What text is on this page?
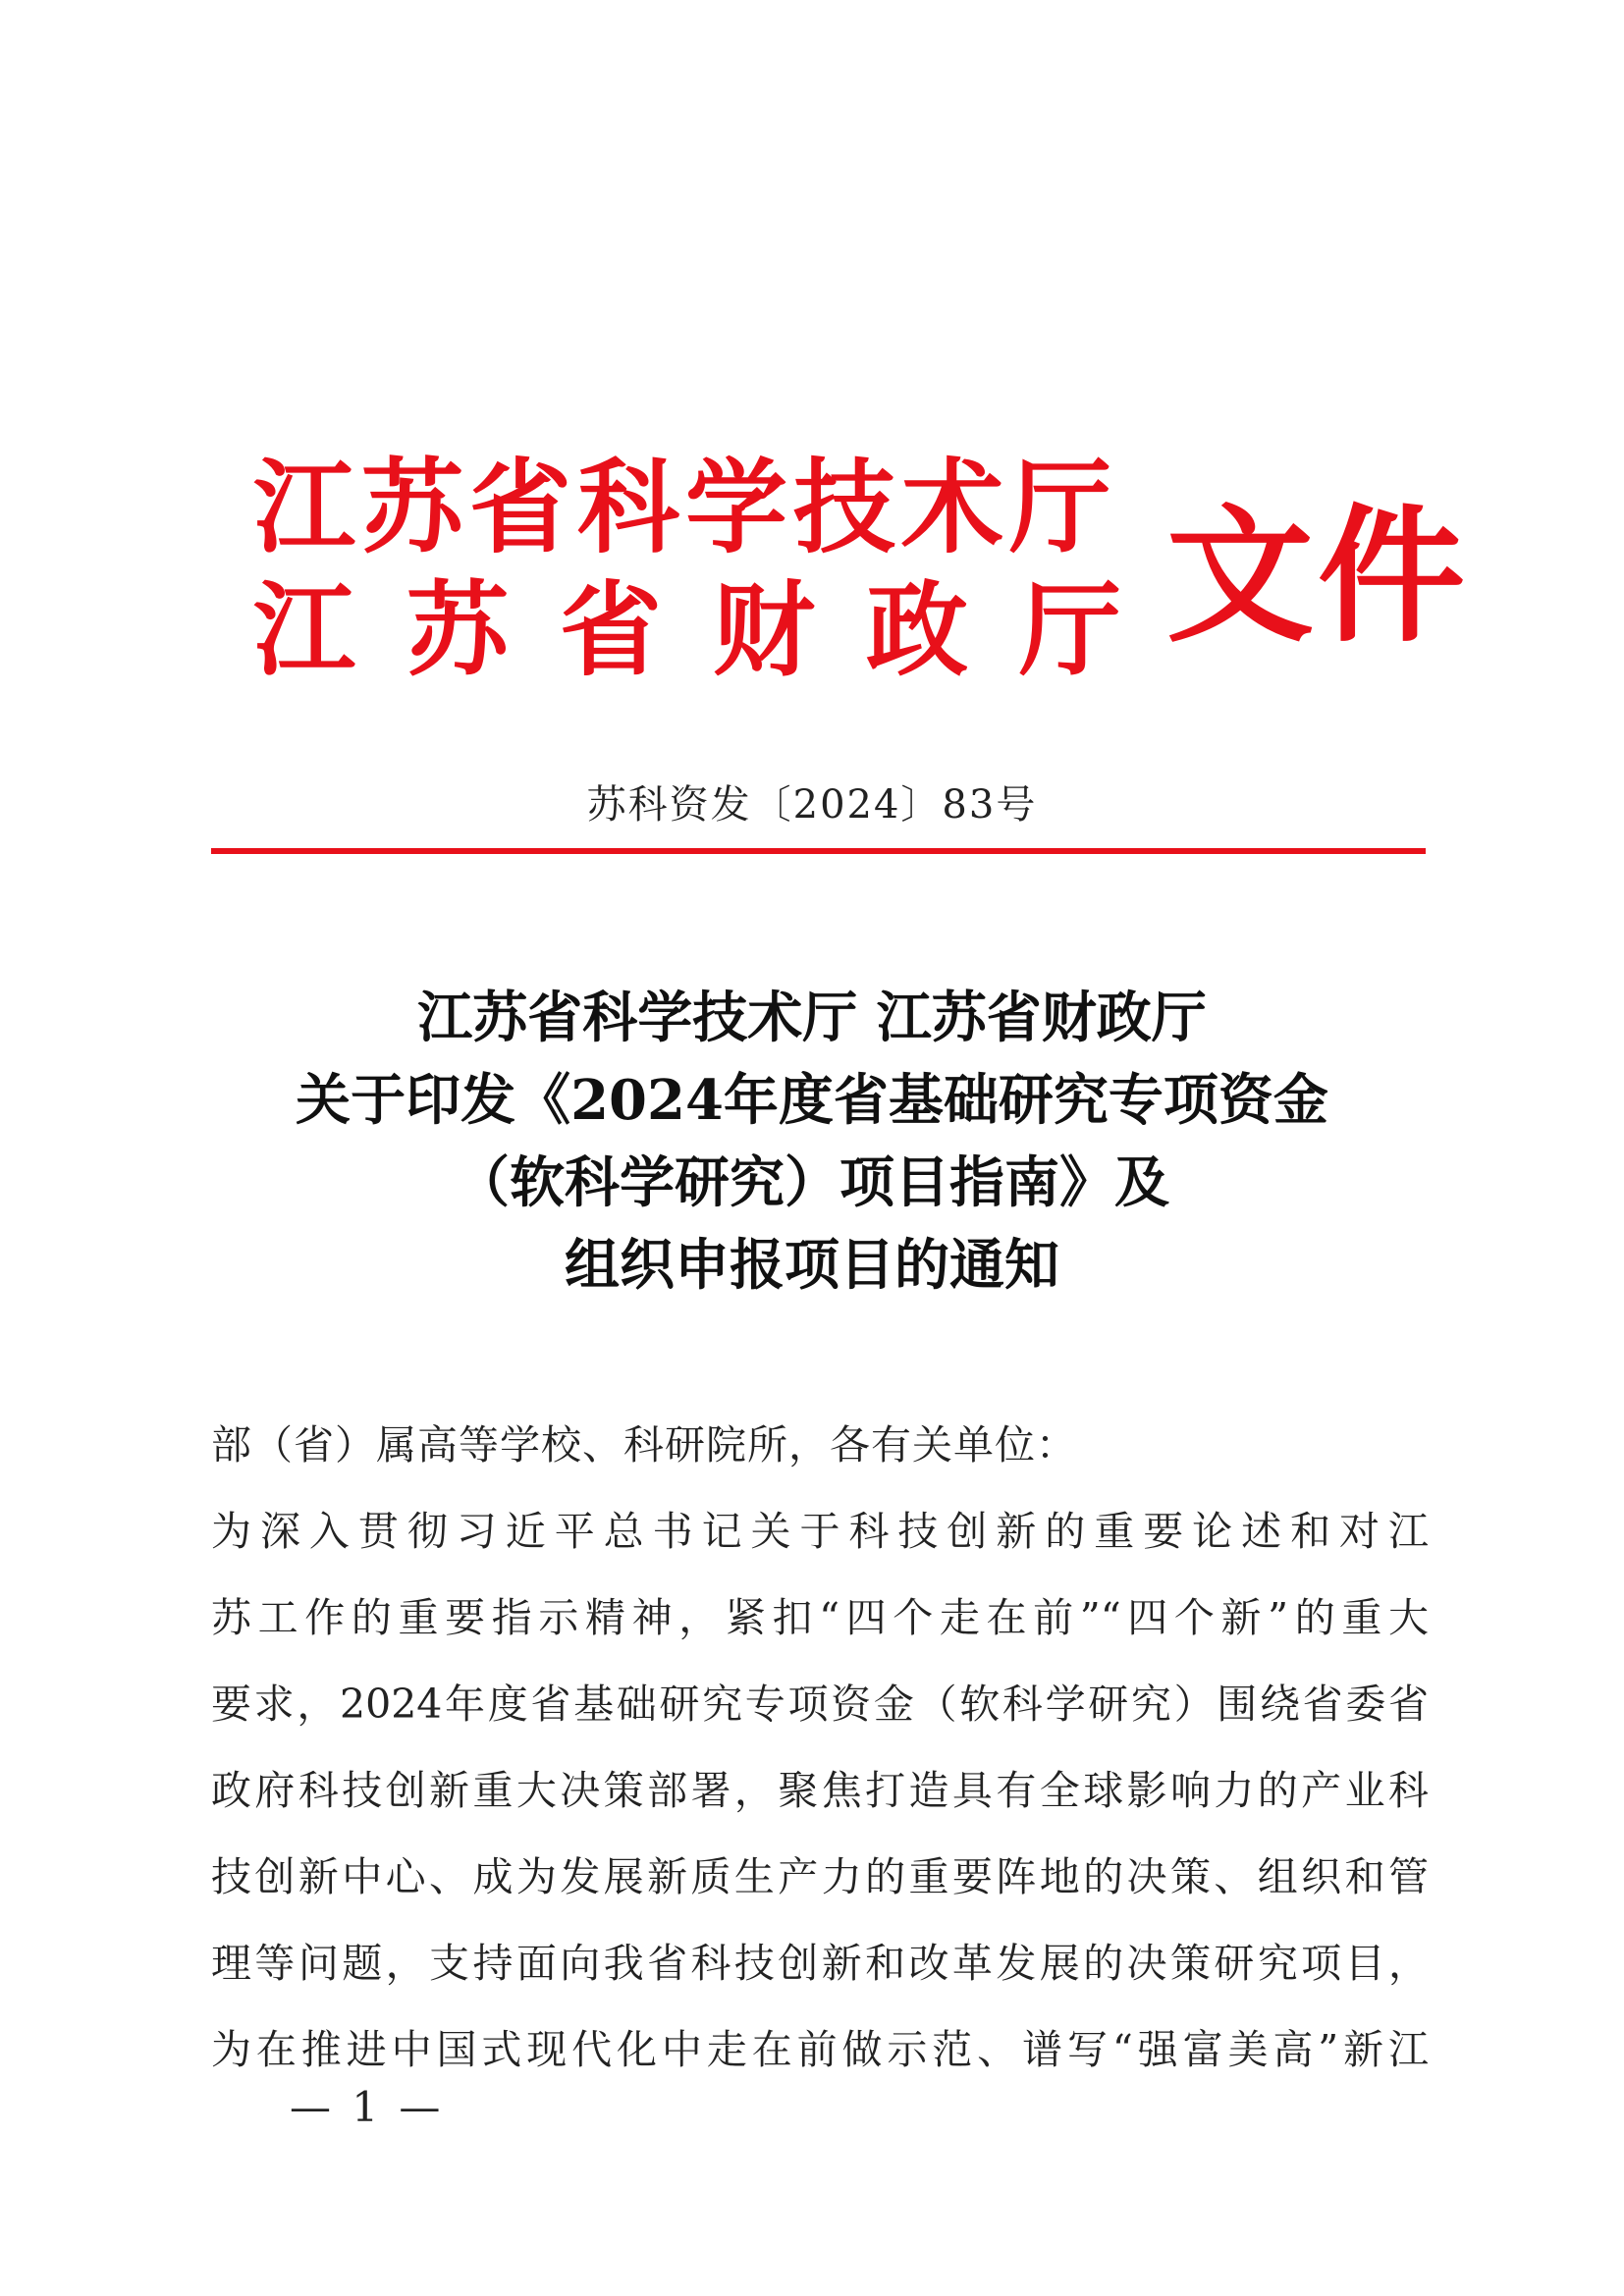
江苏省科学技术厅
江苏省财政厅
文件
苏科资发〔2024〕83号
江苏省科学技术厅 江苏省财政厅
关于印发《2024年度省基础研究专项资金
（软科学研究）项目指南》及
组织申报项目的通知
部（省）属高等学校、科研院所，各有关单位：
为深入贯彻习近平总书记关于科技创新的重要论述和对江
苏工作的重要指示精神，紧扣“四个走在前”“四个新”的重大
要求，2024年度省基础研究专项资金（软科学研究）围绕省委省
政府科技创新重大决策部署，聚焦打造具有全球影响力的产业科
技创新中心、成为发展新质生产力的重要阵地的决策、组织和管
理等问题，支持面向我省科技创新和改革发展的决策研究项目，
为在推进中国式现代化中走在前做示范、谱写“强富美高”新江
— 1 —
